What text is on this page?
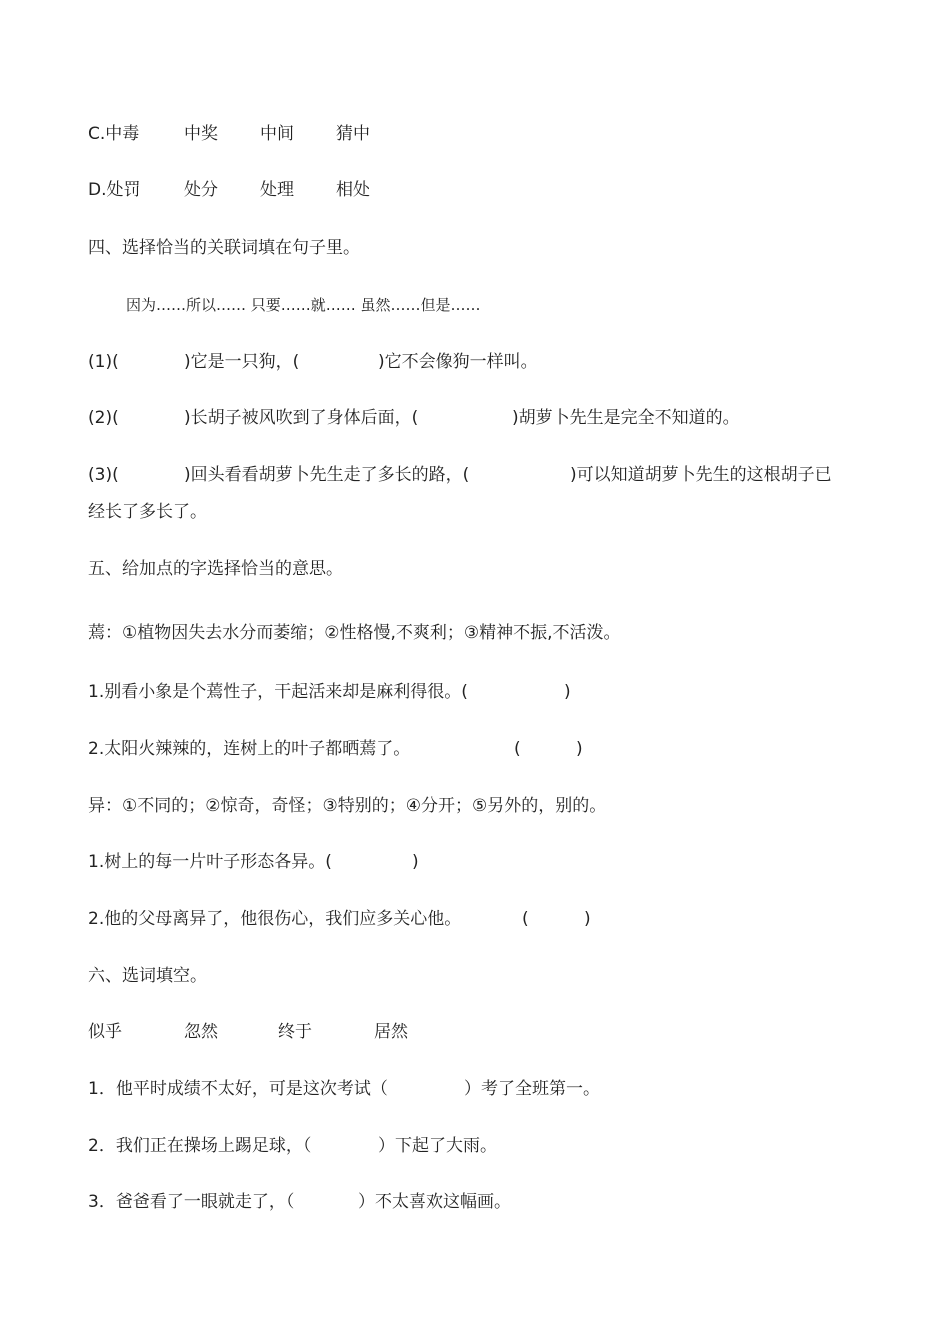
C.中毒	中奖 中间 猜中
D.处罚	处分 处理 相处
四、选择恰当的关联词填在句子里。
因为……所以…… 只要……就…… 虽然……但是……
(1)(	)它是一只狗，(	)它不会像狗一样叫。
(2)(	)长胡子被风吹到了身体后面，(	)胡萝卜先生是完全不知道的。
(3)(	)回头看看胡萝卜先生走了多长的路，(	)可以知道胡萝卜先生的这根胡子已
经长了多长了。
五、给加点的字选择恰当的意思。
蔫：①植物因失去水分而萎缩；②性格慢,不爽利；③精神不振,不活泼。
1.别看小象是个蔫性子，干起活来却是麻利得很。(	)
2.太阳火辣辣的，连树上的叶子都晒蔫了。	(	)
异：①不同的；②惊奇，奇怪；③特别的；④分开；⑤另外的，别的。
1.树上的每一片叶子形态各异。(	)
2.他的父母离异了，他很伤心，我们应多关心他。	(	)
六、选词填空。
似乎	忽然	终于	居然
1．他平时成绩不太好，可是这次考试（	）考了全班第一。
2．我们正在操场上踢足球，（	）下起了大雨。
3．爸爸看了一眼就走了，（	）不太喜欢这幅画。
